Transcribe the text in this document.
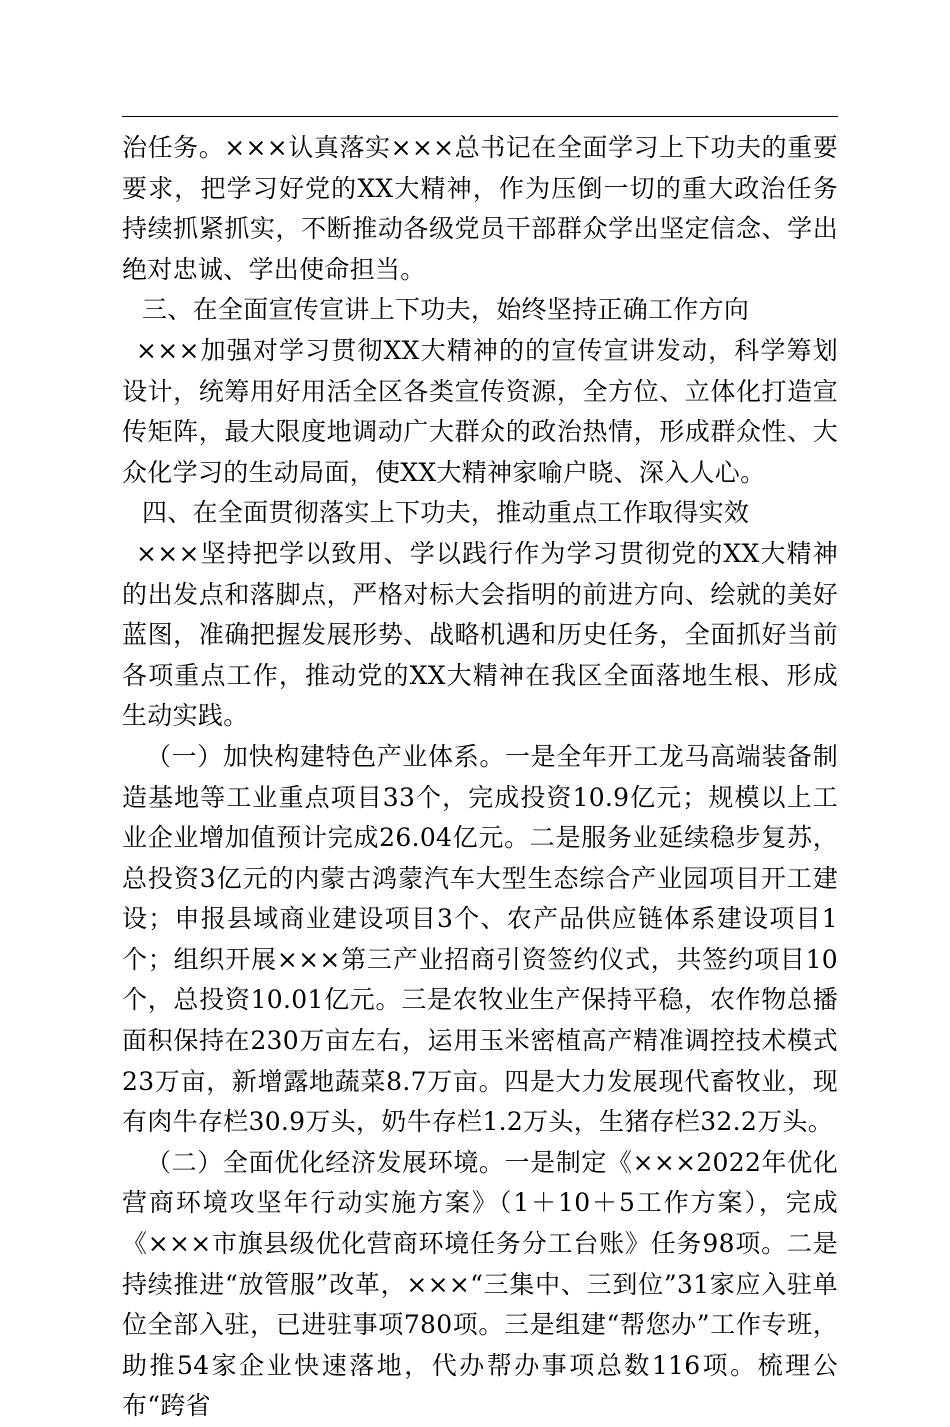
治任务。×××认真落实×××总书记在全面学习上下功夫的重要要求，把学习好党的XX大精神，作为压倒一切的重大政治任务持续抓紧抓实，不断推动各级党员干部群众学出坚定信念、学出绝对忠诚、学出使命担当。

三、在全面宣传宣讲上下功夫，始终坚持正确工作方向

×××加强对学习贯彻XX大精神的的宣传宣讲发动，科学筹划设计，统筹用好用活全区各类宣传资源，全方位、立体化打造宣传矩阵，最大限度地调动广大群众的政治热情，形成群众性、大众化学习的生动局面，使XX大精神家喻户晓、深入人心。

四、在全面贯彻落实上下功夫，推动重点工作取得实效

×××坚持把学以致用、学以践行作为学习贯彻党的XX大精神的出发点和落脚点，严格对标大会指明的前进方向、绘就的美好蓝图，准确把握发展形势、战略机遇和历史任务，全面抓好当前各项重点工作，推动党的XX大精神在我区全面落地生根、形成生动实践。

（一）加快构建特色产业体系。一是全年开工龙马高端装备制造基地等工业重点项目33个，完成投资10.9亿元；规模以上工业企业增加值预计完成26.04亿元。二是服务业延续稳步复苏，总投资3亿元的内蒙古鸿蒙汽车大型生态综合产业园项目开工建设；申报县域商业建设项目3个、农产品供应链体系建设项目1个；组织开展×××第三产业招商引资签约仪式，共签约项目10个，总投资10.01亿元。三是农牧业生产保持平稳，农作物总播面积保持在230万亩左右，运用玉米密植高产精准调控技术模式23万亩，新增露地蔬菜8.7万亩。四是大力发展现代畜牧业，现有肉牛存栏30.9万头，奶牛存栏1.2万头，生猪存栏32.2万头。

（二）全面优化经济发展环境。一是制定《×××2022年优化营商环境攻坚年行动实施方案》（1＋10＋5工作方案），完成《×××市旗县级优化营商环境任务分工台账》任务98项。二是持续推进“放管服”改革，×××“三集中、三到位”31家应入驻单位全部入驻，已进驻事项780项。三是组建“帮您办”工作专班，助推54家企业快速落地，代办帮办事项总数116项。梳理公布“跨省
